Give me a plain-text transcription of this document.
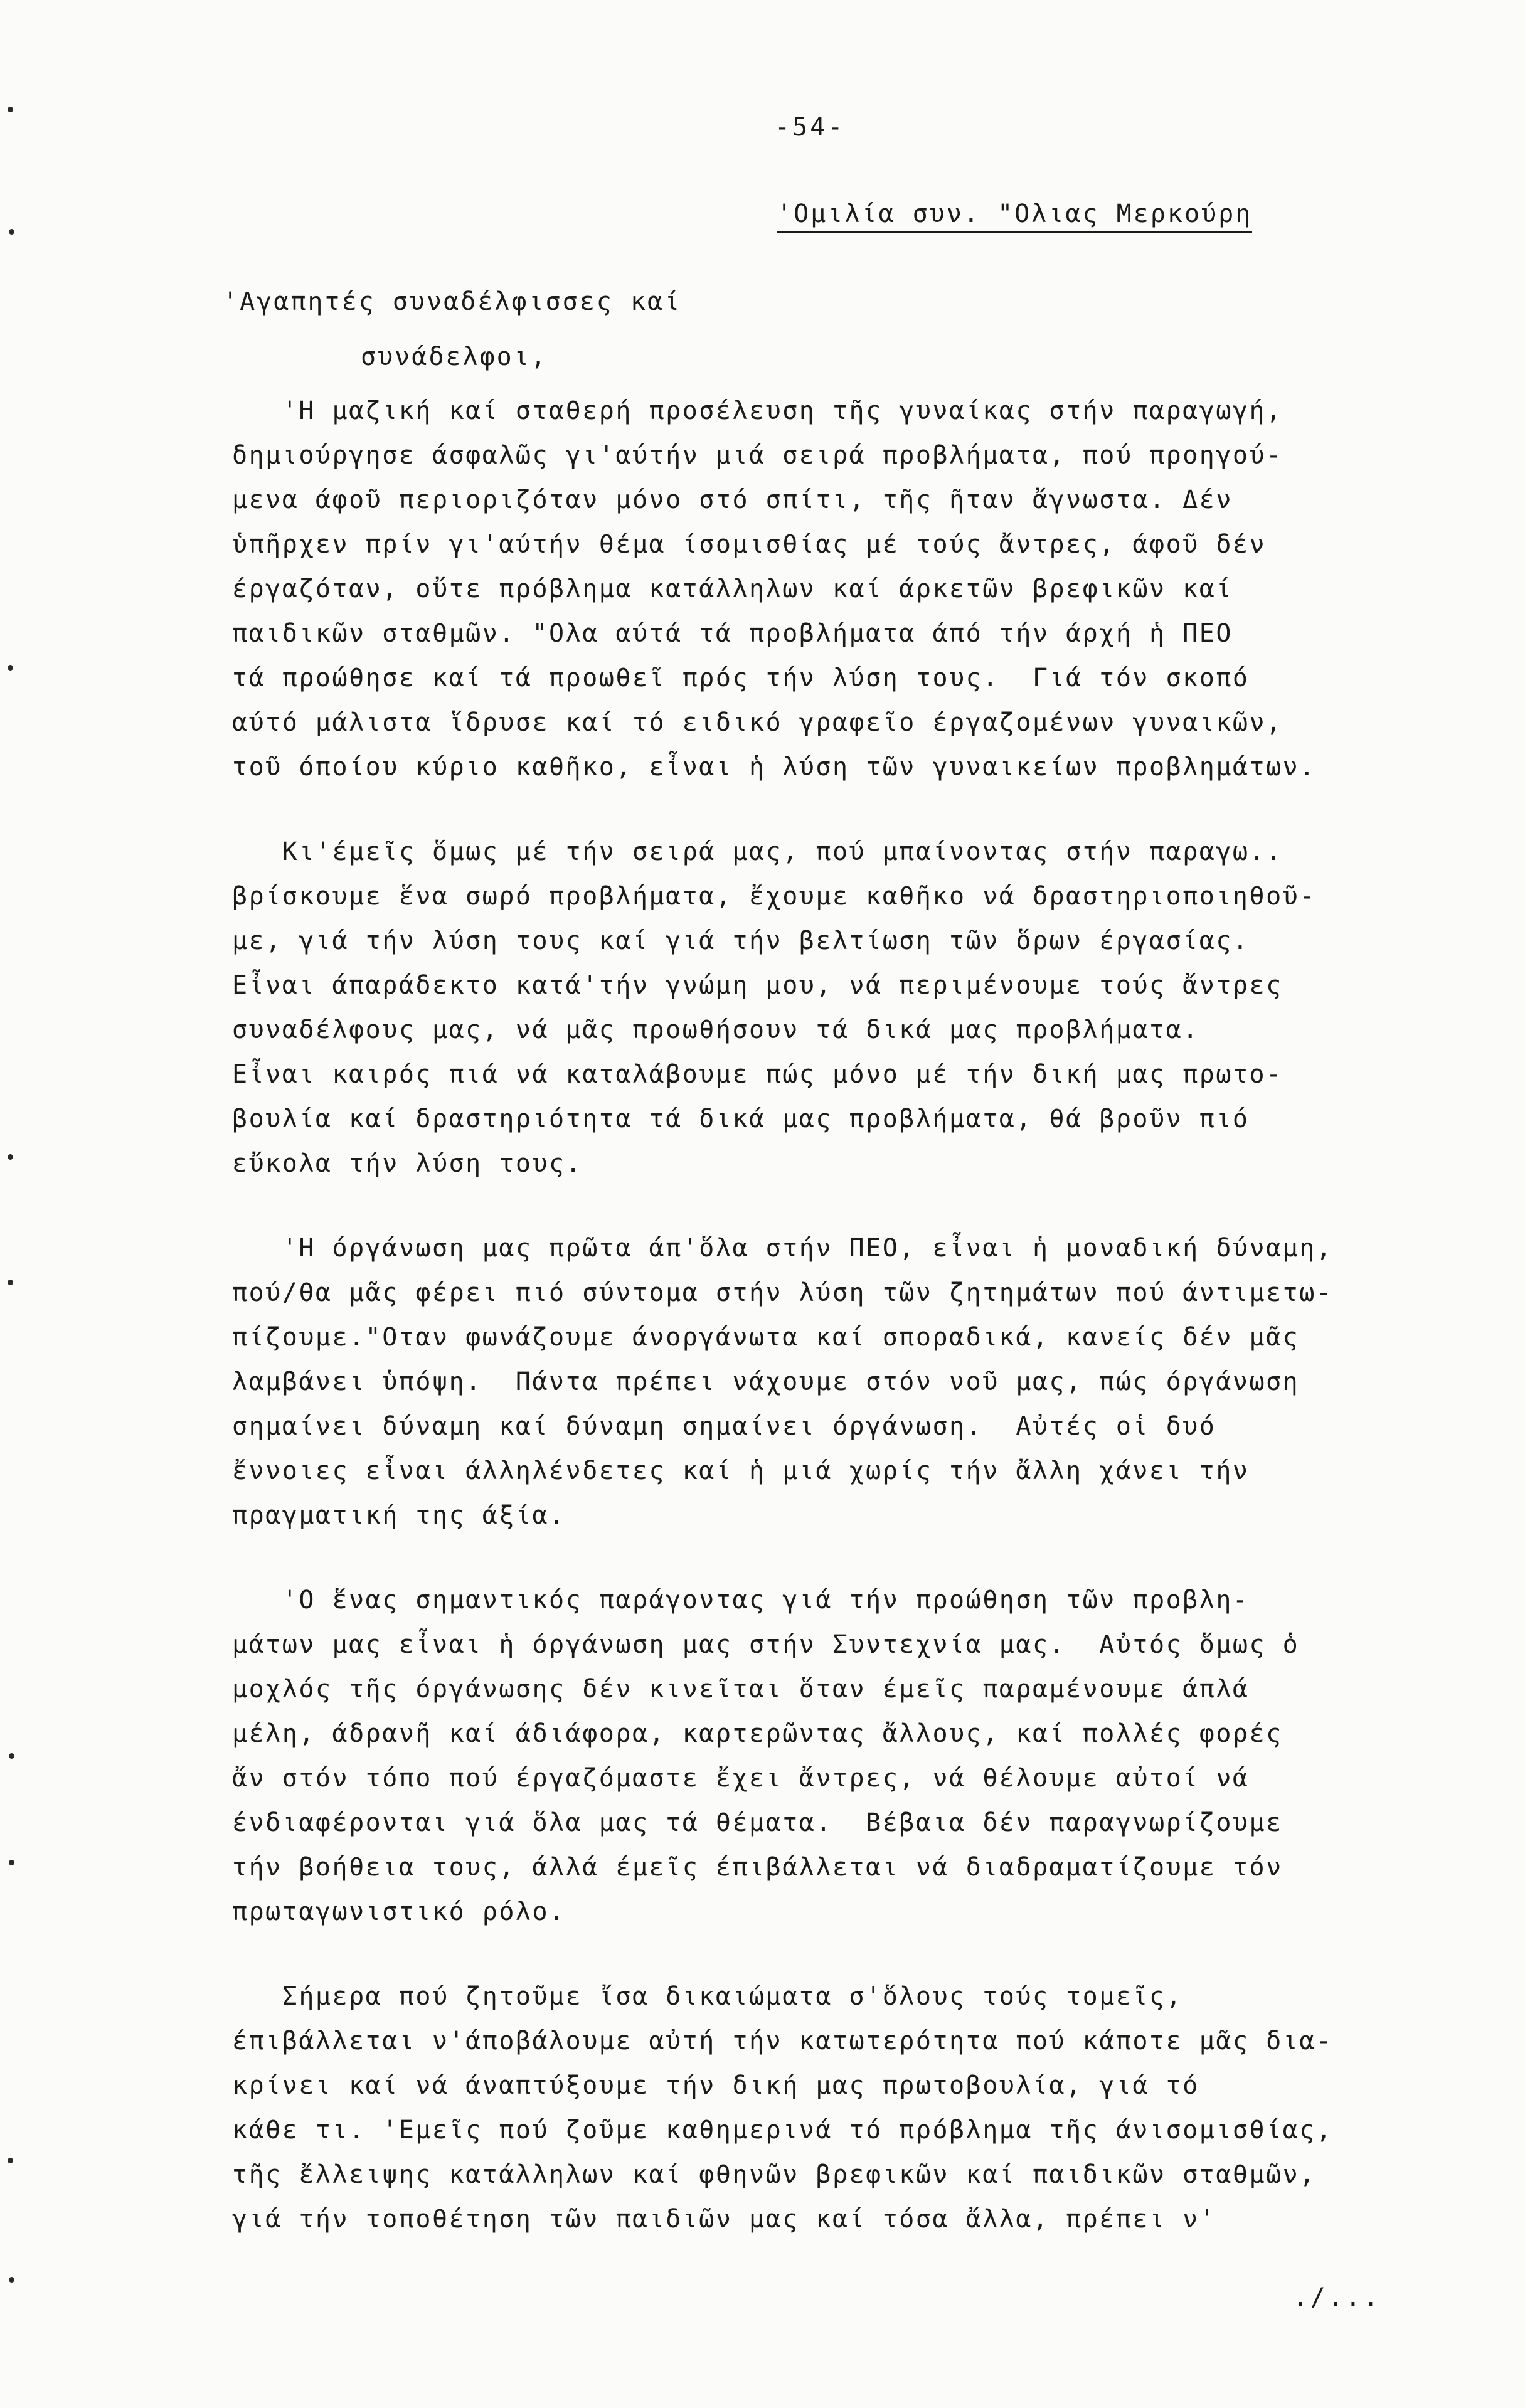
-54-
'Ομιλία συν. "Ολιας Μερκούρη
'Αγαπητές συναδέλφισσες καί
συνάδελφοι,
'Η μαζική καί σταθερή προσέλευση τῆς γυναίκας στήν παραγωγή,
δημιούργησε άσφαλῶς γι'αύτήν μιά σειρά προβλήματα, πού προηγού-
μενα άφοῦ περιοριζόταν μόνο στό σπίτι, τῆς ῆταν ἄγνωστα. Δέν
ὑπῆρχεν πρίν γι'αύτήν θέμα ίσομισθίας μέ τούς ἄντρες, άφοῦ δέν
έργαζόταν, οὔτε πρόβλημα κατάλληλων καί άρκετῶν βρεφικῶν καί
παιδικῶν σταθμῶν. "Ολα αύτά τά προβλήματα άπό τήν άρχή ἡ ΠΕΟ
τά προώθησε καί τά προωθεῖ πρός τήν λύση τους.  Γιά τόν σκοπό
αύτό μάλιστα ἵδρυσε καί τό ειδικό γραφεῖο έργαζομένων γυναικῶν,
τοῦ όποίου κύριο καθῆκο, εἶναι ἡ λύση τῶν γυναικείων προβλημάτων.
Κι'έμεῖς ὅμως μέ τήν σειρά μας, πού μπαίνοντας στήν παραγω..
βρίσκουμε ἕνα σωρό προβλήματα, ἔχουμε καθῆκο νά δραστηριοποιηθοῦ-
με, γιά τήν λύση τους καί γιά τήν βελτίωση τῶν ὅρων έργασίας.
Εἶναι άπαράδεκτο κατά'τήν γνώμη μου, νά περιμένουμε τούς ἄντρες
συναδέλφους μας, νά μᾶς προωθήσουν τά δικά μας προβλήματα.
Εἶναι καιρός πιά νά καταλάβουμε πώς μόνο μέ τήν δική μας πρωτο-
βουλία καί δραστηριότητα τά δικά μας προβλήματα, θά βροῦν πιό
εὔκολα τήν λύση τους.
'Η όργάνωση μας πρῶτα άπ'ὅλα στήν ΠΕΟ, εἶναι ἡ μοναδική δύναμη,
πού/θα μᾶς φέρει πιό σύντομα στήν λύση τῶν ζητημάτων πού άντιμετω-
πίζουμε."Οταν φωνάζουμε άνοργάνωτα καί σποραδικά, κανείς δέν μᾶς
λαμβάνει ὑπόψη.  Πάντα πρέπει νάχουμε στόν νοῦ μας, πώς όργάνωση
σημαίνει δύναμη καί δύναμη σημαίνει όργάνωση.  Αὐτές οἱ δυό
ἔννοιες εἶναι άλληλένδετες καί ἡ μιά χωρίς τήν ἄλλη χάνει τήν
πραγματική της άξία.
'Ο ἕνας σημαντικός παράγοντας γιά τήν προώθηση τῶν προβλη-
μάτων μας εἶναι ἡ όργάνωση μας στήν Συντεχνία μας.  Αὐτός ὅμως ὁ
μοχλός τῆς όργάνωσης δέν κινεῖται ὅταν έμεῖς παραμένουμε άπλά
μέλη, άδρανῆ καί άδιάφορα, καρτερῶντας ἄλλους, καί πολλές φορές
ἄν στόν τόπο πού έργαζόμαστε ἔχει ἄντρες, νά θέλουμε αὐτοί νά
ένδιαφέρονται γιά ὅλα μας τά θέματα.  Βέβαια δέν παραγνωρίζουμε
τήν βοήθεια τους, άλλά έμεῖς έπιβάλλεται νά διαδραματίζουμε τόν
πρωταγωνιστικό ρόλο.
Σήμερα πού ζητοῦμε ἴσα δικαιώματα σ'ὅλους τούς τομεῖς,
έπιβάλλεται ν'άποβάλουμε αὐτή τήν κατωτερότητα πού κάποτε μᾶς δια-
κρίνει καί νά άναπτύξουμε τήν δική μας πρωτοβουλία, γιά τό
κάθε τι. 'Εμεῖς πού ζοῦμε καθημερινά τό πρόβλημα τῆς άνισομισθίας,
τῆς ἔλλειψης κατάλληλων καί φθηνῶν βρεφικῶν καί παιδικῶν σταθμῶν,
γιά τήν τοποθέτηση τῶν παιδιῶν μας καί τόσα ἄλλα, πρέπει ν'
./...
